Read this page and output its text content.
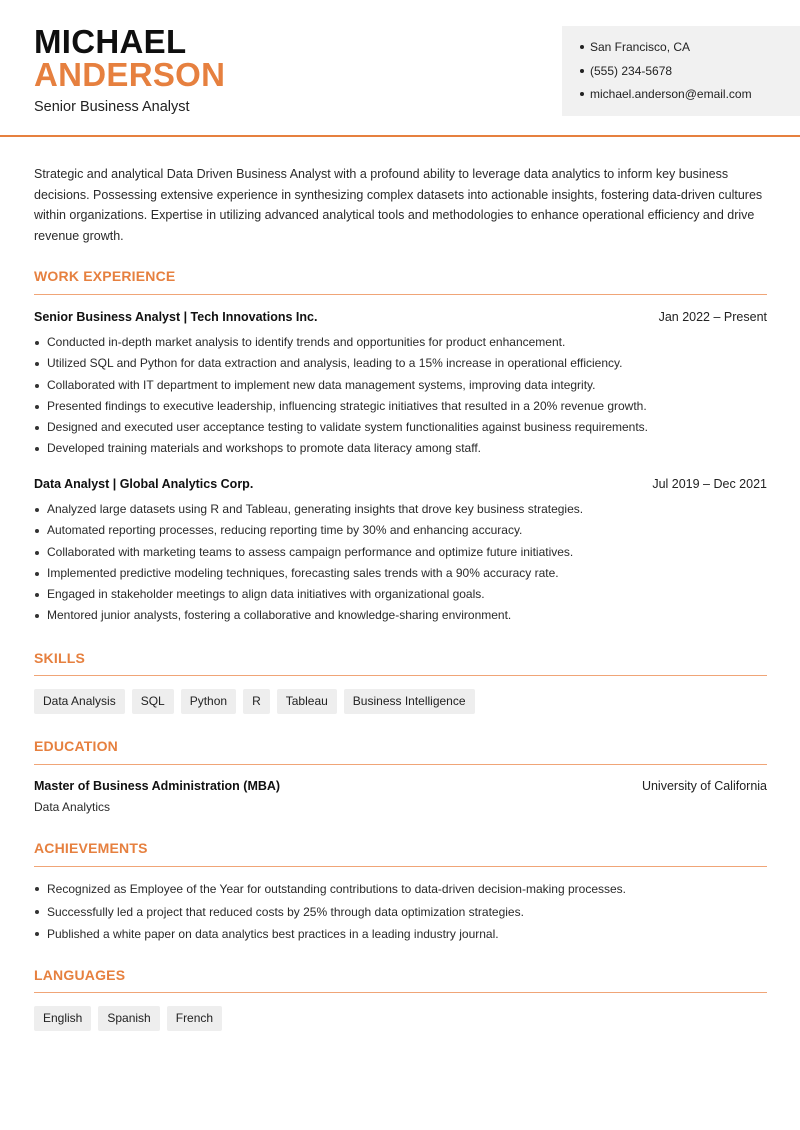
MICHAEL
ANDERSON
Senior Business Analyst
San Francisco, CA
(555) 234-5678
michael.anderson@email.com

Strategic and analytical Data Driven Business Analyst with a profound ability to leverage data analytics to inform key business decisions. Possessing extensive experience in synthesizing complex datasets into actionable insights, fostering data-driven cultures within organizations. Expertise in utilizing advanced analytical tools and methodologies to enhance operational efficiency and drive revenue growth.

WORK EXPERIENCE
Senior Business Analyst | Tech Innovations Inc.	Jan 2022 – Present
Conducted in-depth market analysis to identify trends and opportunities for product enhancement.
Utilized SQL and Python for data extraction and analysis, leading to a 15% increase in operational efficiency.
Collaborated with IT department to implement new data management systems, improving data integrity.
Presented findings to executive leadership, influencing strategic initiatives that resulted in a 20% revenue growth.
Designed and executed user acceptance testing to validate system functionalities against business requirements.
Developed training materials and workshops to promote data literacy among staff.
Data Analyst | Global Analytics Corp.	Jul 2019 – Dec 2021
Analyzed large datasets using R and Tableau, generating insights that drove key business strategies.
Automated reporting processes, reducing reporting time by 30% and enhancing accuracy.
Collaborated with marketing teams to assess campaign performance and optimize future initiatives.
Implemented predictive modeling techniques, forecasting sales trends with a 90% accuracy rate.
Engaged in stakeholder meetings to align data initiatives with organizational goals.
Mentored junior analysts, fostering a collaborative and knowledge-sharing environment.
SKILLS
Data Analysis	SQL	Python	R	Tableau	Business Intelligence
EDUCATION
Master of Business Administration (MBA)	University of California
Data Analytics
ACHIEVEMENTS
Recognized as Employee of the Year for outstanding contributions to data-driven decision-making processes.
Successfully led a project that reduced costs by 25% through data optimization strategies.
Published a white paper on data analytics best practices in a leading industry journal.
LANGUAGES
English	Spanish	French
